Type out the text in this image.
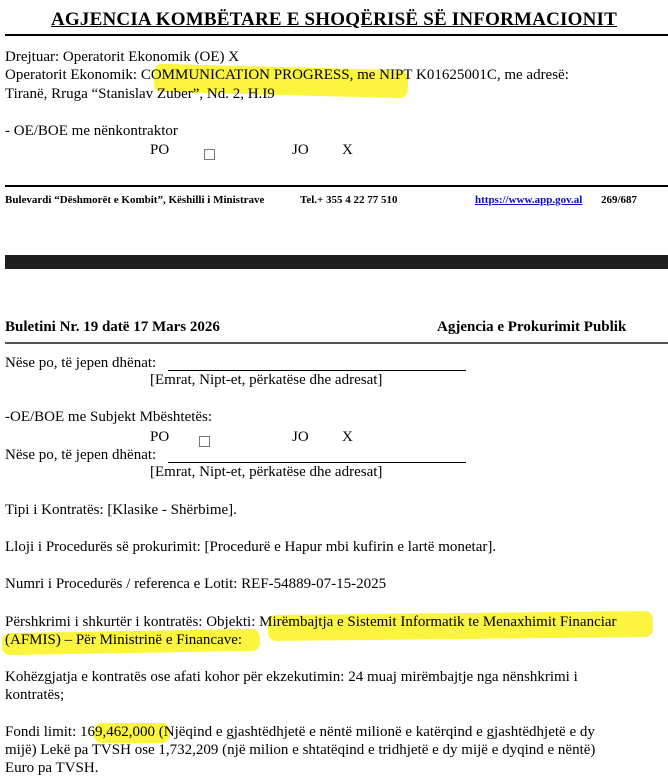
AGJENCIA KOMBËTARE E SHOQËRISË SË INFORMACIONIT
Drejtuar: Operatorit Ekonomik (OE) X
Operatorit Ekonomik: COMMUNICATION PROGRESS, me NIPT K01625001C, me adresë:
Tiranë, Rruga “Stanislav Zuber”, Nd. 2, H.I9
- OE/BOE me nënkontraktor
PO	JO X
Bulevardi “Dëshmorët e Kombit”, Këshilli i Ministrave	Tel.+ 355 4 22 77 510	https://www.app.gov.al 269/687
Buletini Nr. 19 datë 17 Mars 2026	Agjencia e Prokurimit Publik
Nëse po, të jepen dhënat:
[Emrat, Nipt-et, përkatëse dhe adresat]
-OE/BOE me Subjekt Mbështetës:
PO	JO X
Nëse po, të jepen dhënat:
[Emrat, Nipt-et, përkatëse dhe adresat]
Tipi i Kontratës: [Klasike - Shërbime].
Lloji i Procedurës së prokurimit: [Procedurë e Hapur mbi kufirin e lartë monetar].
Numri i Procedurës / referenca e Lotit: REF-54889-07-15-2025
Përshkrimi i shkurtër i kontratës: Objekti: Mirëmbajtja e Sistemit Informatik te Menaxhimit Financiar
(AFMIS) – Për Ministrinë e Financave:
Kohëzgjatja e kontratës ose afati kohor për ekzekutimin: 24 muaj mirëmbajtje nga nënshkrimi i
kontratës;
Fondi limit: 169,462,000 (Njëqind e gjashtëdhjetë e nëntë milionë e katërqind e gjashtëdhjetë e dy
mijë) Lekë pa TVSH ose 1,732,209 (një milion e shtatëqind e tridhjetë e dy mijë e dyqind e nëntë)
Euro pa TVSH.
